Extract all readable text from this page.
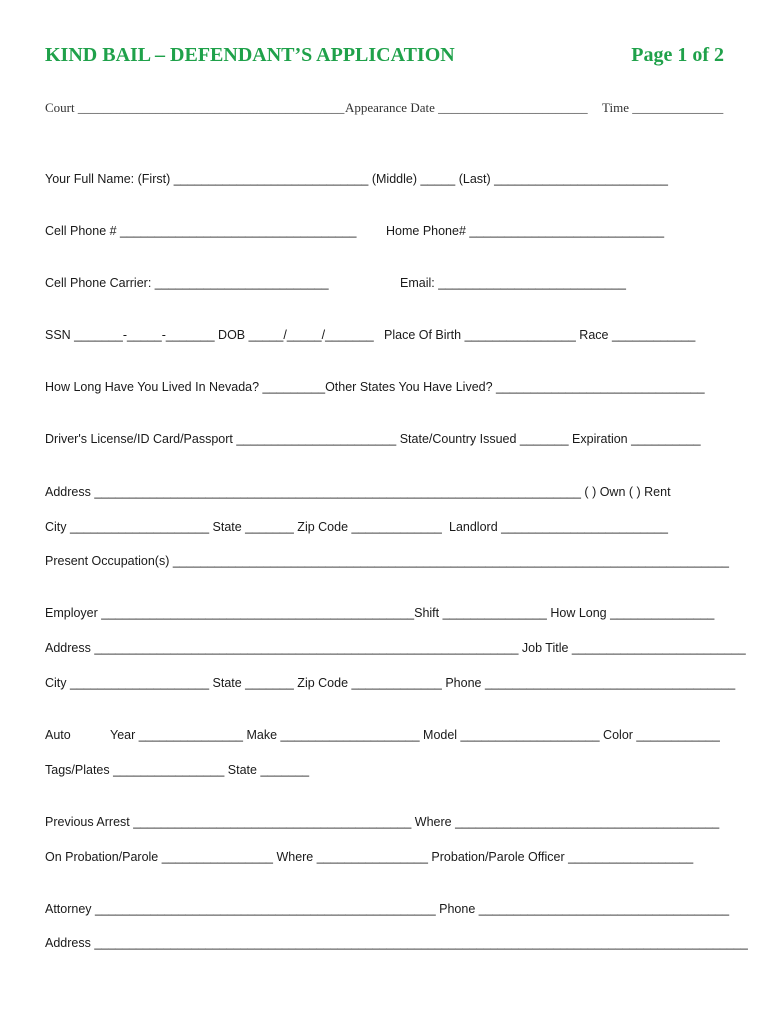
KIND BAIL – DEFENDANT’S APPLICATION	Page 1 of 2
Court _________________________________________ Appearance Date _______________________ Time ______________
Your Full Name: (First) ____________________________ (Middle) _____ (Last) _________________________
Cell Phone # __________________________________ Home Phone# ____________________________
Cell Phone Carrier: _________________________	Email: ___________________________
SSN _______-_____-_______ DOB _____/_____/_______ Place Of Birth ________________ Race ____________
How Long Have You Lived In Nevada? _________Other States You Have Lived? ______________________________
Driver's License/ID Card/Passport _______________________ State/Country Issued _______ Expiration __________
Address ______________________________________________________________________ ( ) Own ( ) Rent
City ____________________ State _______ Zip Code _____________ Landlord ________________________
Present Occupation(s) ________________________________________________________________________________
Employer _____________________________________________Shift _______________ How Long _______________
Address _____________________________________________________________ Job Title _________________________
City ____________________ State _______ Zip Code _____________ Phone ____________________________________
Auto	Year _______________ Make ____________________ Model ____________________ Color ____________
Tags/Plates ________________ State _______
Previous Arrest ________________________________________ Where ______________________________________
On Probation/Parole ________________ Where ________________ Probation/Parole Officer __________________
Attorney _________________________________________________ Phone ____________________________________
Address ______________________________________________________________________________________________
